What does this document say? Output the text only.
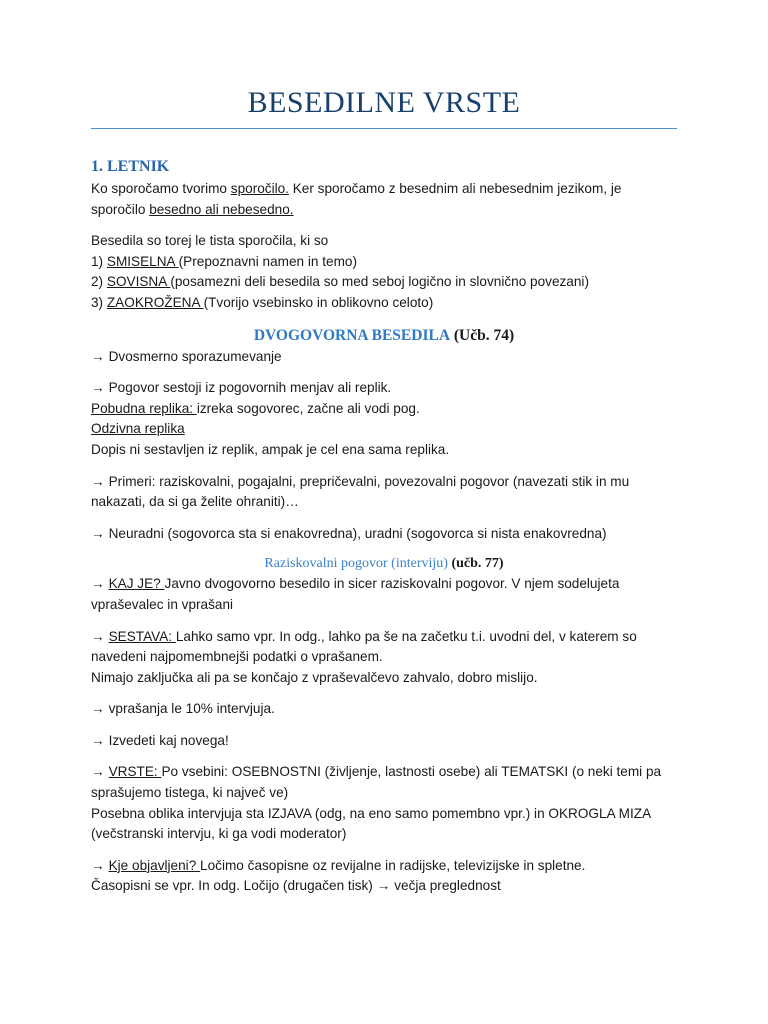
BESEDILNE VRSTE

1. LETNIK

Ko sporočamo tvorimo sporočilo. Ker sporočamo z besednim ali nebesednim jezikom, je sporočilo besedno ali nebesedno.

Besedila so torej le tista sporočila, ki so

1) SMISELNA (Prepoznavni namen in temo)

2) SOVISNA (posamezni deli besedila so med seboj logično in slovnično povezani)

3) ZAOKROŽENA (Tvorijo vsebinsko in oblikovno celoto)

DVOGOVORNA BESEDILA (Učb. 74)

→ Dvosmerno sporazumevanje

→ Pogovor sestoji iz pogovornih menjav ali replik.

Pobudna replika: izreka sogovorec, začne ali vodi pog.

Odzivna replika

Dopis ni sestavljen iz replik, ampak je cel ena sama replika.

→ Primeri: raziskovalni, pogajalni, prepričevalni, povezovalni pogovor (navezati stik in mu nakazati, da si ga želite ohraniti)…

→ Neuradni (sogovorca sta si enakovredna), uradni (sogovorca si nista enakovredna)

Raziskovalni pogovor (interviju) (učb. 77)

→ KAJ JE? Javno dvogovorno besedilo in sicer raziskovalni pogovor. V njem sodelujeta vpraševalec in vprašani

→ SESTAVA: Lahko samo vpr. In odg., lahko pa še na začetku t.i. uvodni del, v katerem so navedeni najpomembnejši podatki o vprašanem.

Nimajo zaključka ali pa se končajo z vpraševalčevo zahvalo, dobro mislijo.

→ vprašanja le 10% intervjuja.

→ Izvedeti kaj novega!

→ VRSTE: Po vsebini: OSEBNOSTNI (življenje, lastnosti osebe) ali TEMATSKI (o neki temi pa sprašujemo tistega, ki največ ve)

Posebna oblika intervjuja sta IZJAVA (odg, na eno samo pomembno vpr.) in OKROGLA MIZA (večstranski intervju, ki ga vodi moderator)

→ Kje objavljeni? Ločimo časopisne oz revijalne in radijske, televizijske in spletne.

Časopisni se vpr. In odg. Ločijo (drugačen tisk) → večja preglednost
